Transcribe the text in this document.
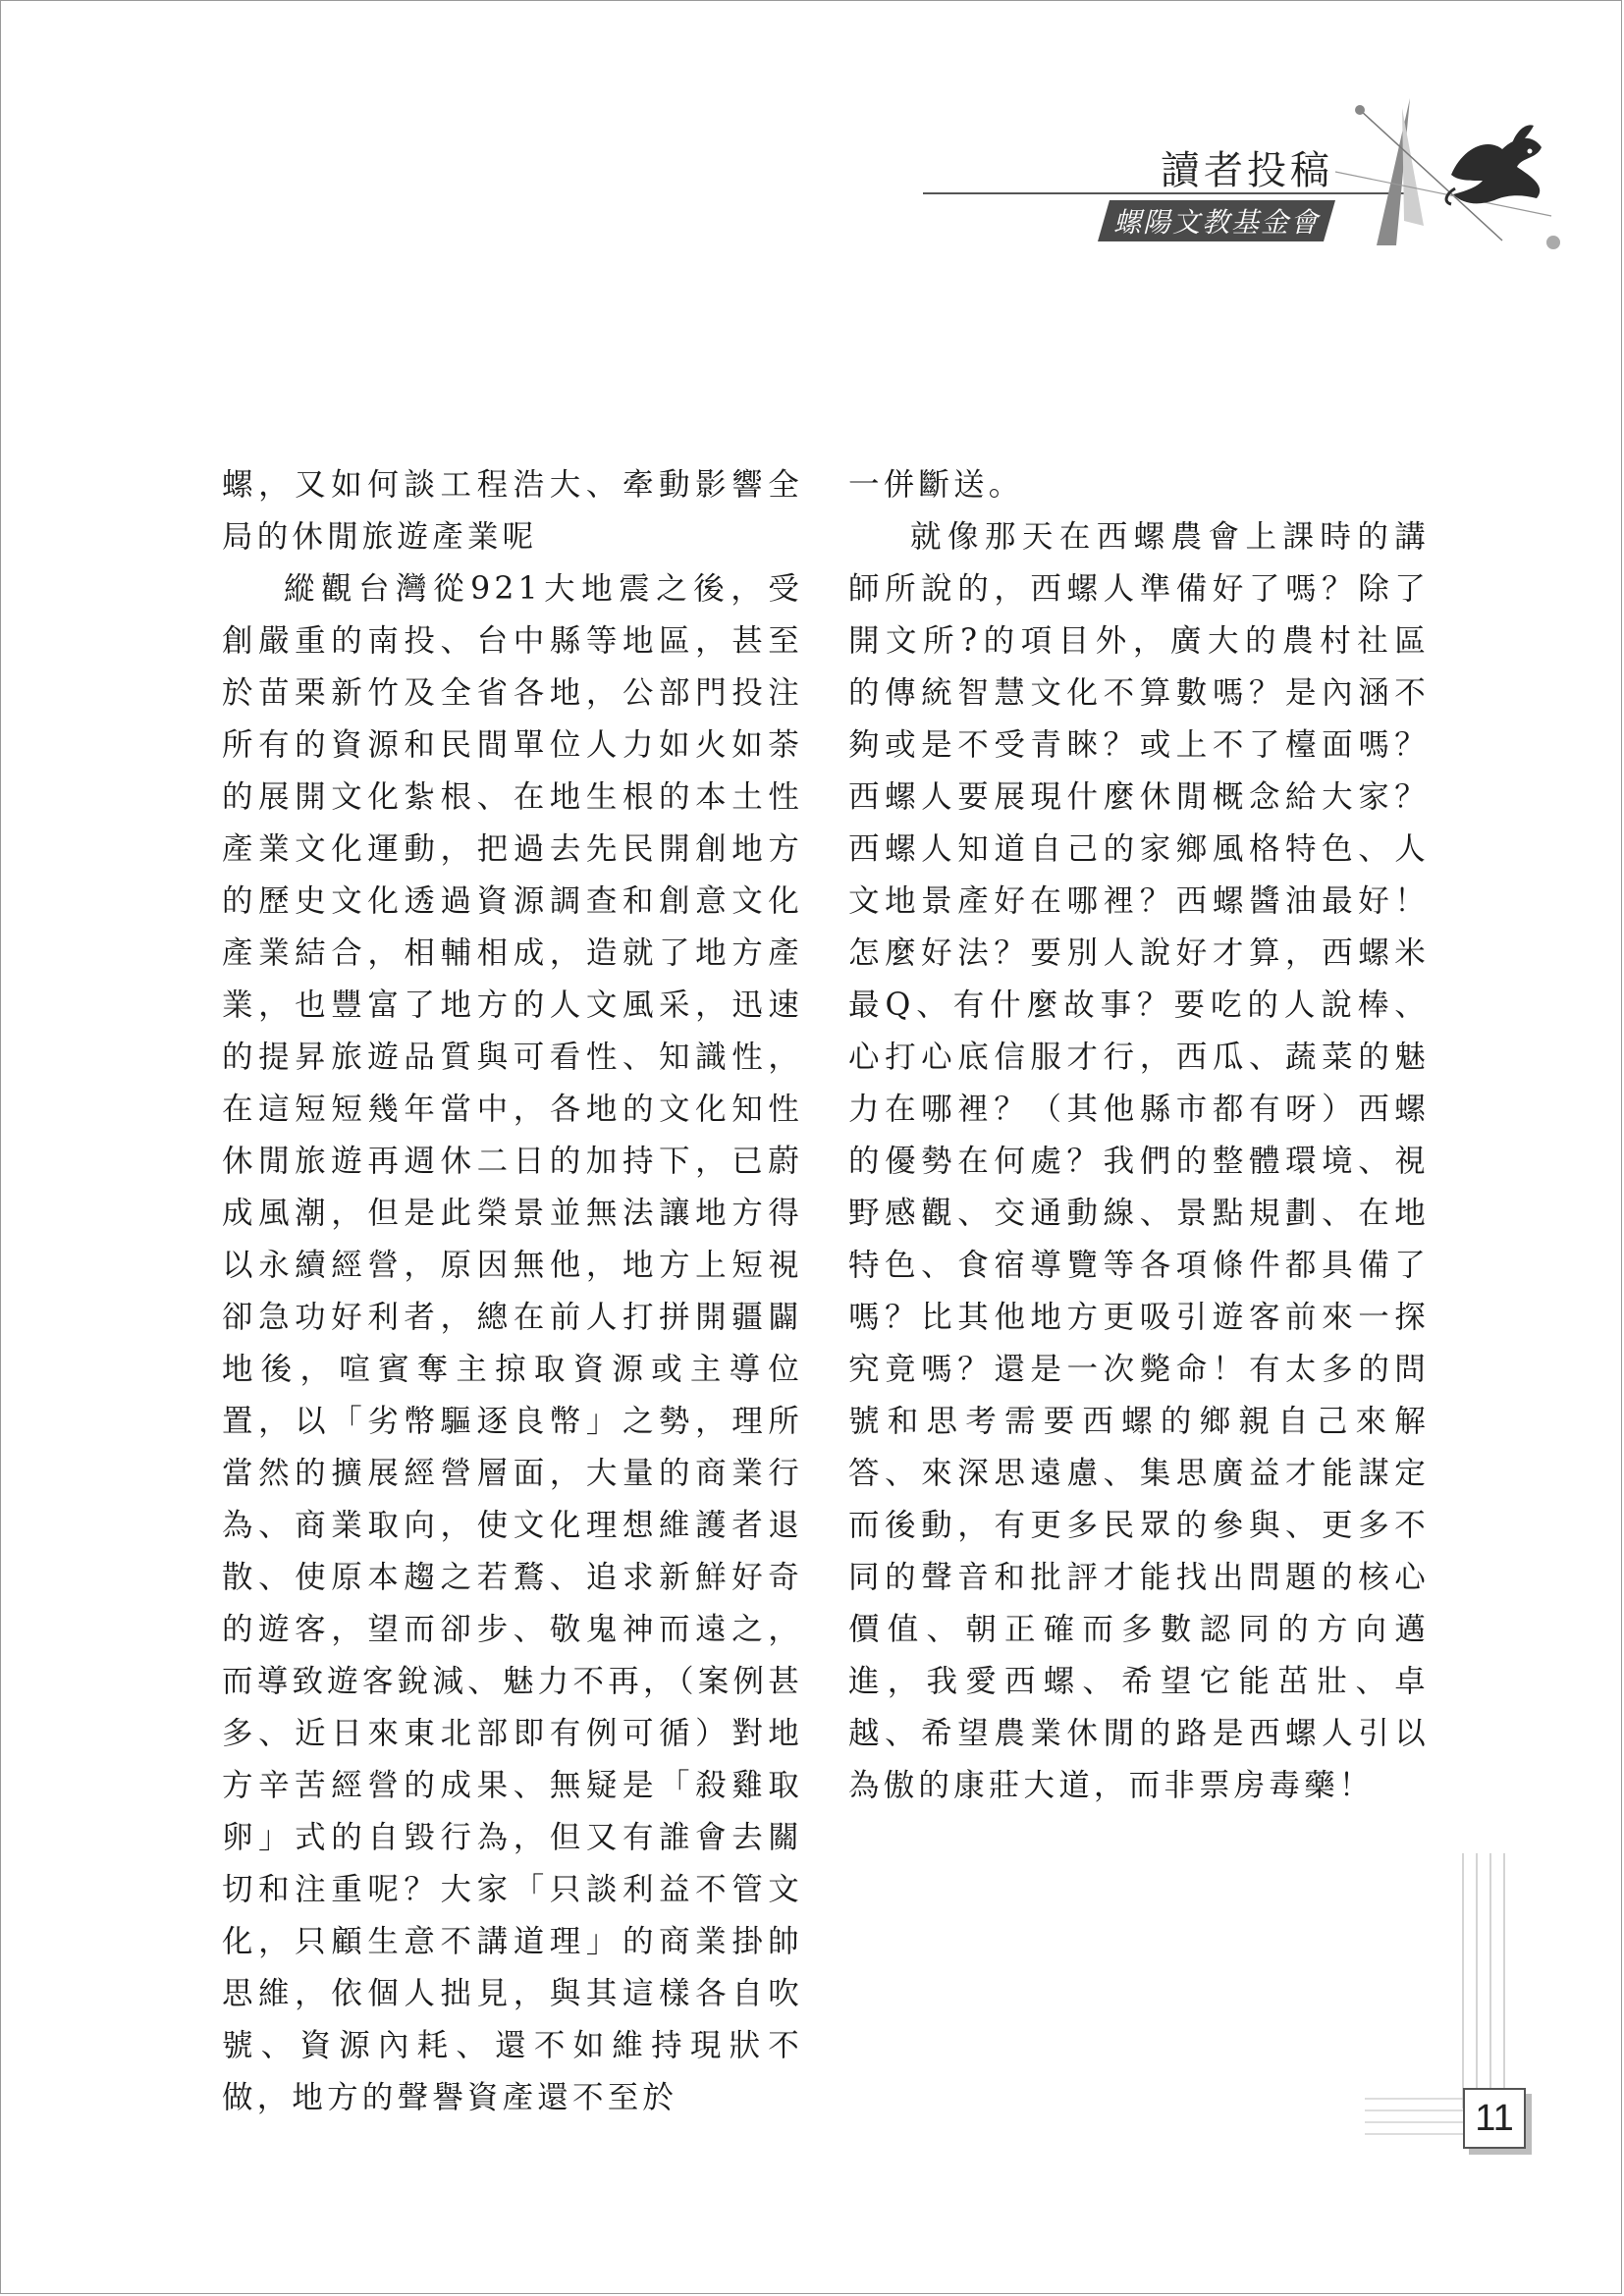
讀者投稿
螺陽文教基金會

螺，又如何談工程浩大、牽動影響全局的休閒旅遊產業呢

縱觀台灣從921大地震之後，受創嚴重的南投、台中縣等地區，甚至於苗栗新竹及全省各地，公部門投注所有的資源和民間單位人力如火如荼的展開文化紮根、在地生根的本土性產業文化運動，把過去先民開創地方的歷史文化透過資源調查和創意文化產業結合，相輔相成，造就了地方產業，也豐富了地方的人文風采，迅速的提昇旅遊品質與可看性、知識性，在這短短幾年當中，各地的文化知性休閒旅遊再週休二日的加持下，已蔚成風潮，但是此榮景並無法讓地方得以永續經營，原因無他，地方上短視卻急功好利者，總在前人打拼開疆闢地後，喧賓奪主掠取資源或主導位置，以「劣幣驅逐良幣」之勢，理所當然的擴展經營層面，大量的商業行為、商業取向，使文化理想維護者退散、使原本趨之若鶩、追求新鮮好奇的遊客，望而卻步、敬鬼神而遠之，而導致遊客銳減、魅力不再，（案例甚多、近日來東北部即有例可循）對地方辛苦經營的成果、無疑是「殺雞取卵」式的自毀行為，但又有誰會去關切和注重呢？大家「只談利益不管文化，只顧生意不講道理」的商業掛帥思維，依個人拙見，與其這樣各自吹號、資源內耗、還不如維持現狀不做，地方的聲譽資產還不至於

一併斷送。

就像那天在西螺農會上課時的講師所說的，西螺人準備好了嗎？除了開文所?的項目外，廣大的農村社區的傳統智慧文化不算數嗎？是內涵不夠或是不受青睞？或上不了檯面嗎？西螺人要展現什麼休閒概念給大家？西螺人知道自己的家鄉風格特色、人文地景產好在哪裡？西螺醬油最好！怎麼好法？要別人說好才算，西螺米最Q、有什麼故事？要吃的人說棒、心打心底信服才行，西瓜、蔬菜的魅力在哪裡？（其他縣市都有呀）西螺的優勢在何處？我們的整體環境、視野感觀、交通動線、景點規劃、在地特色、食宿導覽等各項條件都具備了嗎？比其他地方更吸引遊客前來一探究竟嗎？還是一次斃命！有太多的問號和思考需要西螺的鄉親自己來解答、來深思遠慮、集思廣益才能謀定而後動，有更多民眾的參與、更多不同的聲音和批評才能找出問題的核心價值、朝正確而多數認同的方向邁進，我愛西螺、希望它能茁壯、卓越、希望農業休閒的路是西螺人引以為傲的康莊大道，而非票房毒藥！

11
